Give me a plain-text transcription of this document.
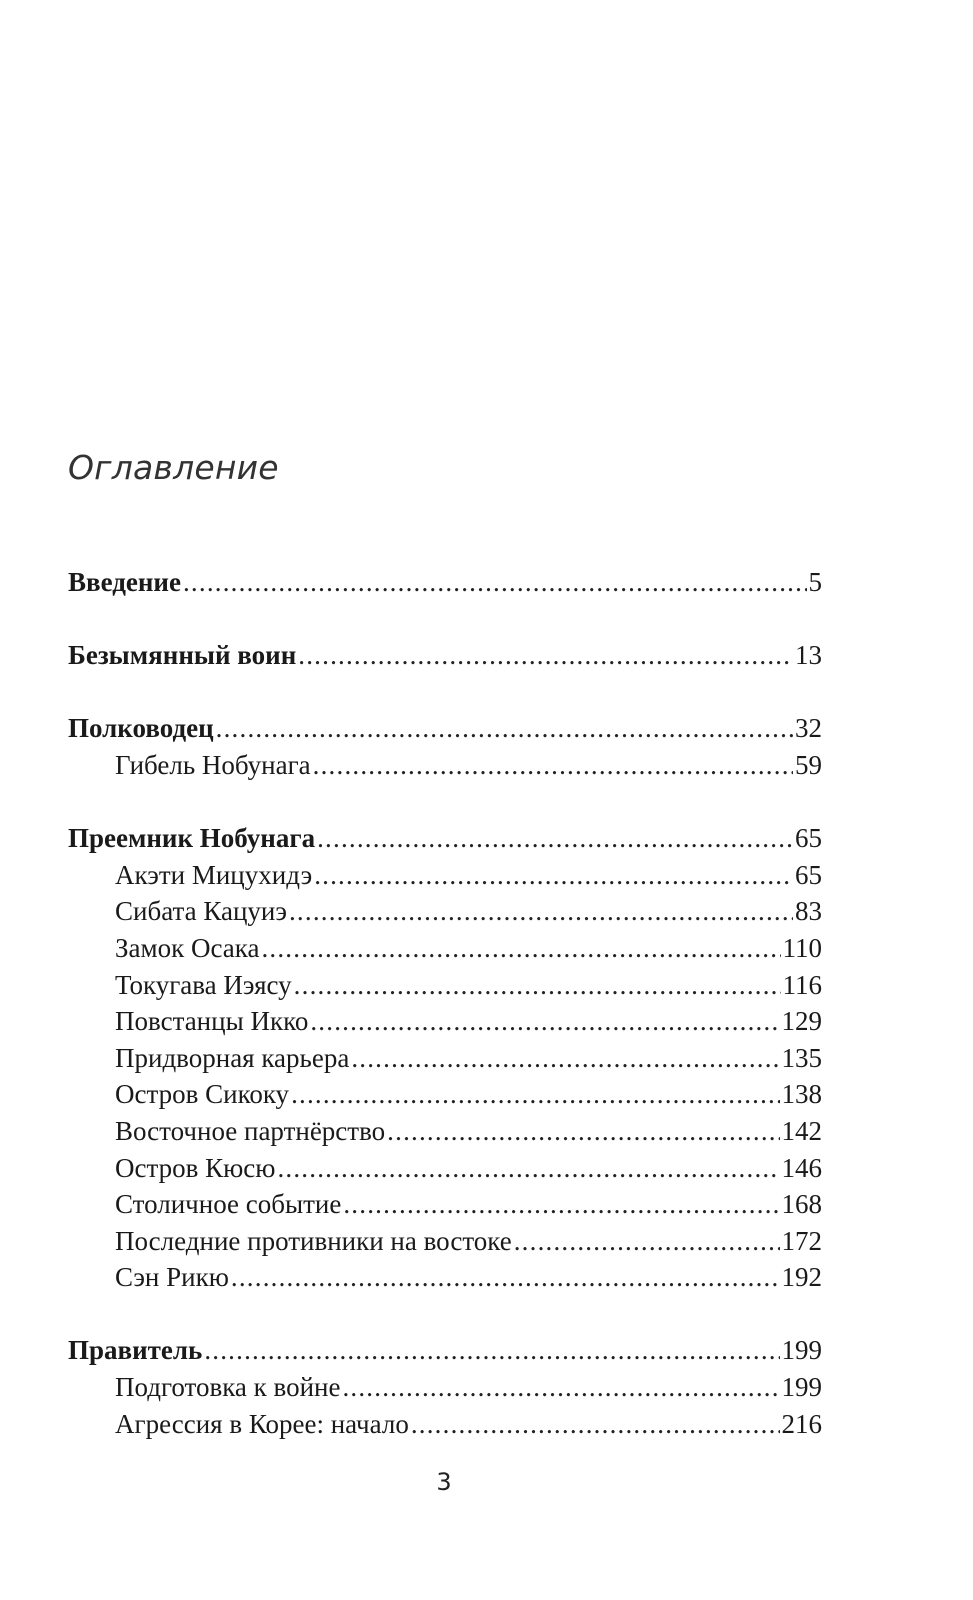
Оглавление
Введение .....	5
Безымянный воин .....	13
Полководец .....	32
Гибель Нобунага .....	59
Преемник Нобунага .....	65
Акэти Мицухидэ .....	65
Сибата Кацуиэ .....	83
Замок Осака .....	110
Токугава Иэясу .....	116
Повстанцы Икко .....	129
Придворная карьера .....	135
Остров Сикоку .....	138
Восточное партнёрство .....	142
Остров Кюсю .....	146
Столичное событие .....	168
Последние противники на востоке .....	172
Сэн Рикю .....	192
Правитель .....	199
Подготовка к войне .....	199
Агрессия в Корее: начало .....	216
3
